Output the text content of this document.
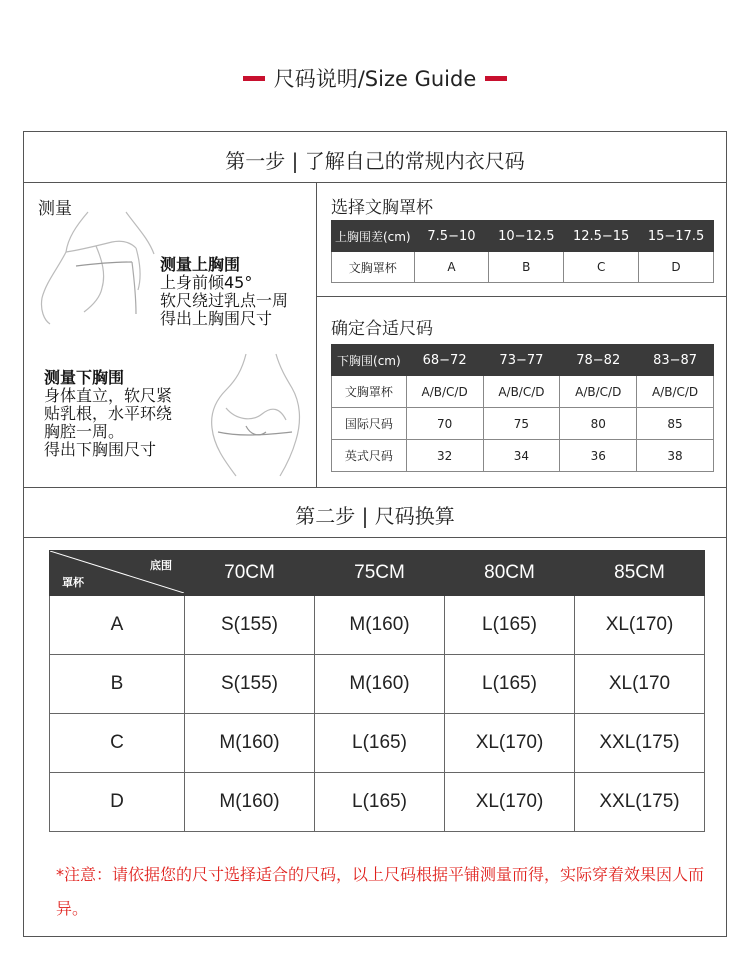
尺码说明/Size Guide
第一步 | 了解自己的常规内衣尺码
测量
测量上胸围
上身前倾45°
软尺绕过乳点一周
得出上胸围尺寸
测量下胸围
身体直立，软尺紧
贴乳根，水平环绕
胸腔一周。
得出下胸围尺寸
选择文胸罩杯
上胸围差(cm)	7.5−10	10−12.5	12.5−15	15−17.5
文胸罩杯	A	B	C	D
确定合适尺码
下胸围(cm)	68−72	73−77	78−82	83−87
文胸罩杯	A/B/C/D	A/B/C/D	A/B/C/D	A/B/C/D
国际尺码	70	75	80	85
英式尺码	32	34	36	38
第二步 | 尺码换算
底围
罩杯	70CM	75CM	80CM	85CM
A	S(155)	M(160)	L(165)	XL(170)
B	S(155)	M(160)	L(165)	XL(170
C	M(160)	L(165)	XL(170)	XXL(175)
D	M(160)	L(165)	XL(170)	XXL(175)
*注意：请依据您的尺寸选择适合的尺码，以上尺码根据平铺测量而得，实际穿着效果因人而异。
